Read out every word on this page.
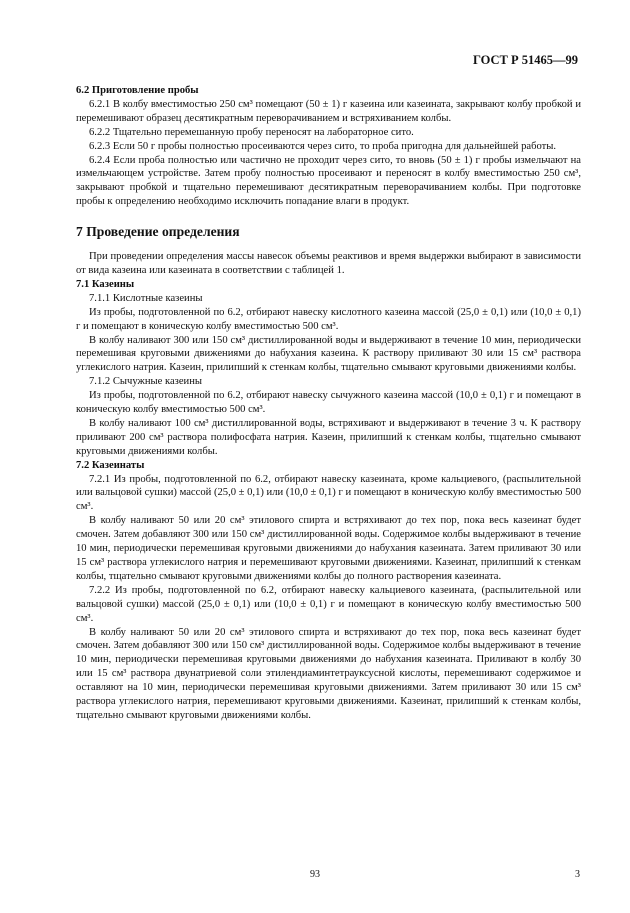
ГОСТ Р 51465—99

6.2 Приготовление пробы

6.2.1 В колбу вместимостью 250 см³ помещают (50 ± 1) г казеина или казеината, закрывают колбу пробкой и перемешивают образец десятикратным переворачиванием и встряхиванием колбы.

6.2.2 Тщательно перемешанную пробу переносят на лабораторное сито.

6.2.3 Если 50 г пробы полностью просеиваются через сито, то проба пригодна для дальнейшей работы.

6.2.4 Если проба полностью или частично не проходит через сито, то вновь (50 ± 1) г пробы измельчают на измельчающем устройстве. Затем пробу полностью просеивают и переносят в колбу вместимостью 250 см³, закрывают пробкой и тщательно перемешивают десятикратным переворачиванием колбы. При подготовке пробы к определению необходимо исключить попадание влаги в продукт.

7 Проведение определения

При проведении определения массы навесок объемы реактивов и время выдержки выбирают в зависимости от вида казеина или казеината в соответствии с таблицей 1.

7.1 Казеины

7.1.1 Кислотные казеины

Из пробы, подготовленной по 6.2, отбирают навеску кислотного казеина массой (25,0 ± 0,1) или (10,0 ± 0,1) г и помещают в коническую колбу вместимостью 500 см³.

В колбу наливают 300 или 150 см³ дистиллированной воды и выдерживают в течение 10 мин, периодически перемешивая круговыми движениями до набухания казеина. К раствору приливают 30 или 15 см³ раствора углекислого натрия. Казеин, прилипший к стенкам колбы, тщательно смывают круговыми движениями колбы.

7.1.2 Сычужные казеины

Из пробы, подготовленной по 6.2, отбирают навеску сычужного казеина массой (10,0 ± 0,1) г и помещают в коническую колбу вместимостью 500 см³.

В колбу наливают 100 см³ дистиллированной воды, встряхивают и выдерживают в течение 3 ч. К раствору приливают 200 см³ раствора полифосфата натрия. Казеин, прилипший к стенкам колбы, тщательно смывают круговыми движениями колбы.

7.2 Казеинаты

7.2.1 Из пробы, подготовленной по 6.2, отбирают навеску казеината, кроме кальциевого, (распылительной или вальцовой сушки) массой (25,0 ± 0,1) или (10,0 ± 0,1) г и помещают в коническую колбу вместимостью 500 см³.

В колбу наливают 50 или 20 см³ этилового спирта и встряхивают до тех пор, пока весь казеинат будет смочен. Затем добавляют 300 или 150 см³ дистиллированной воды. Содержимое колбы выдерживают в течение 10 мин, периодически перемешивая круговыми движениями до набухания казеината. Затем приливают 30 или 15 см³ раствора углекислого натрия и перемешивают круговыми движениями. Казеинат, прилипший к стенкам колбы, тщательно смывают круговыми движениями колбы до полного растворения казеината.

7.2.2 Из пробы, подготовленной по 6.2, отбирают навеску кальциевого казеината, (распылительной или вальцовой сушки) массой (25,0 ± 0,1) или (10,0 ± 0,1) г и помещают в коническую колбу вместимостью 500 см³.

В колбу наливают 50 или 20 см³ этилового спирта и встряхивают до тех пор, пока весь казеинат будет смочен. Затем добавляют 300 или 150 см³ дистиллированной воды. Содержимое колбы выдерживают в течение 10 мин, периодически перемешивая круговыми движениями до набухания казеината. Приливают в колбу 30 или 15 см³ раствора двунатриевой соли этилендиаминтетрауксусной кислоты, перемешивают содержимое и оставляют на 10 мин, периодически перемешивая круговыми движениями. Затем приливают 30 или 15 см³ раствора углекислого натрия, перемешивают круговыми движениями. Казеинат, прилипший к стенкам колбы, тщательно смывают круговыми движениями колбы.

93	3
